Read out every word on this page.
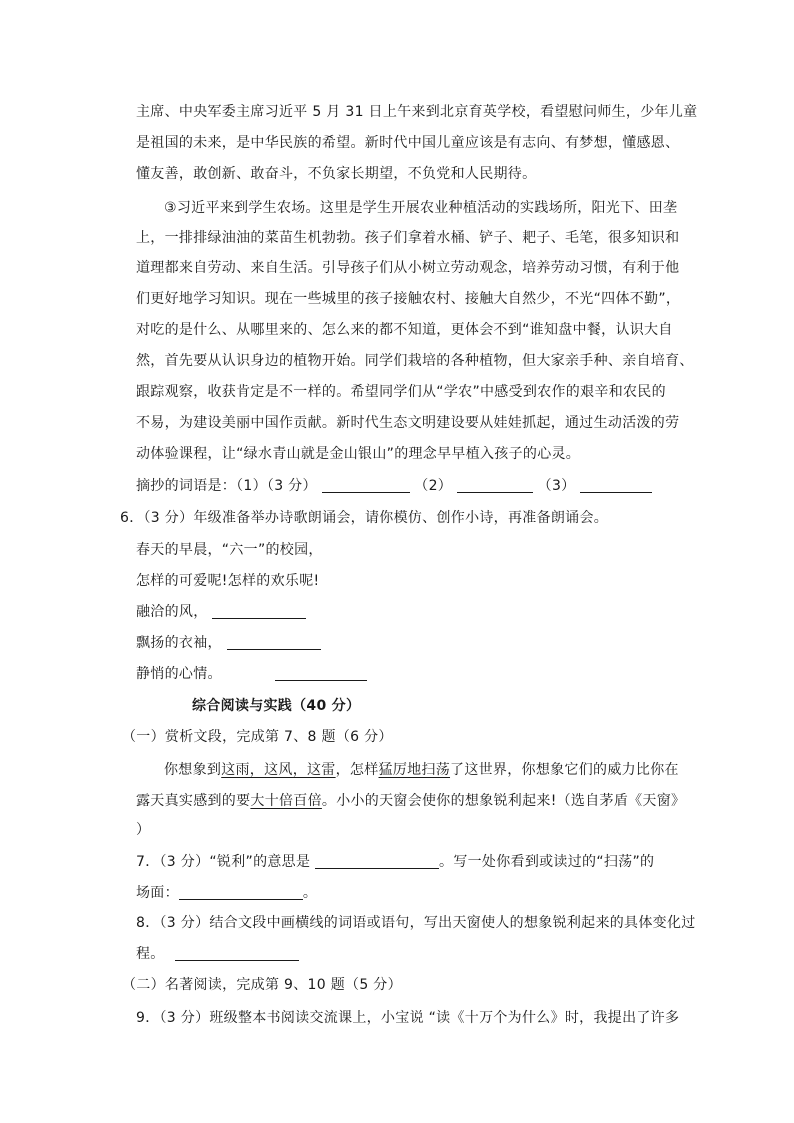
主席、中央军委主席习近平 5 月 31 日上午来到北京育英学校，看望慰问师生，少年儿童
是祖国的未来，是中华民族的希望。新时代中国儿童应该是有志向、有梦想，懂感恩、
懂友善，敢创新、敢奋斗，不负家长期望，不负党和人民期待。
③习近平来到学生农场。这里是学生开展农业种植活动的实践场所，阳光下、田垄
上，一排排绿油油的菜苗生机勃勃。孩子们拿着水桶、铲子、耙子、毛笔，很多知识和
道理都来自劳动、来自生活。引导孩子们从小树立劳动观念，培养劳动习惯，有利于他
们更好地学习知识。现在一些城里的孩子接触农村、接触大自然少，不光“四体不勤”，
对吃的是什么、从哪里来的、怎么来的都不知道，更体会不到“谁知盘中餐，认识大自
然，首先要从认识身边的植物开始。同学们栽培的各种植物，但大家亲手种、亲自培育、
跟踪观察，收获肯定是不一样的。希望同学们从“学农”中感受到农作的艰辛和农民的
不易，为建设美丽中国作贡献。新时代生态文明建设要从娃娃抓起，通过生动活泼的劳
动体验课程，让“绿水青山就是金山银山”的理念早早植入孩子的心灵。
摘抄的词语是：（1）（3 分）	（2）	（3）
6．（3 分）年级准备举办诗歌朗诵会，请你模仿、创作小诗，再准备朗诵会。
春天的早晨，“六一”的校园，
怎样的可爱呢!怎样的欢乐呢!
融洽的风，
飘扬的衣袖，
静悄的心情。
综合阅读与实践（40 分）
（一）赏析文段，完成第 7、8 题（6 分）
你想象到这雨，这风，这雷，怎样猛厉地扫荡了这世界，你想象它们的威力比你在
露天真实感到的要大十倍百倍。小小的天窗会使你的想象锐利起来!（选自茅盾《天窗》
）
7．（3 分）“锐利”的意思是	。写一处你看到或读过的“扫荡”的
场面：	。
8．（3 分）结合文段中画横线的词语或语句，写出天窗使人的想象锐利起来的具体变化过
程。
（二）名著阅读，完成第 9、10 题（5 分）
9．（3 分）班级整本书阅读交流课上，小宝说 “读《十万个为什么》时，我提出了许多
